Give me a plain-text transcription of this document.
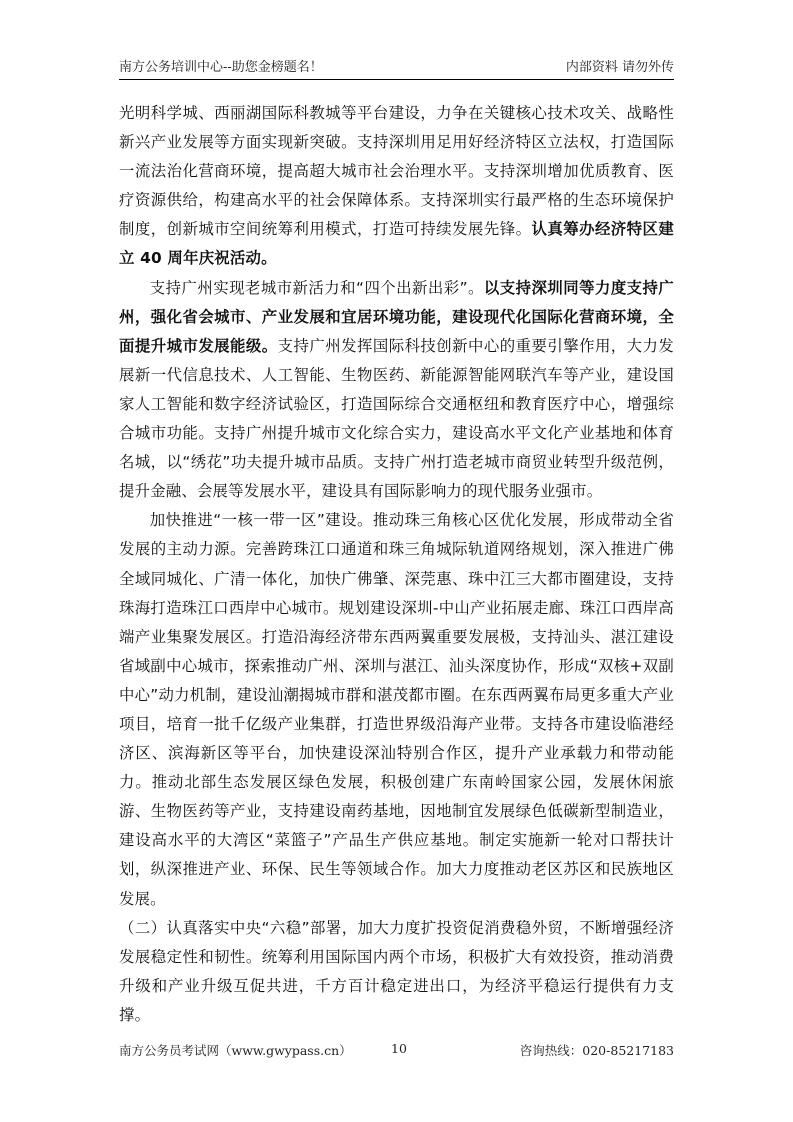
南方公务培训中心--助您金榜题名！	内部资料 请勿外传

光明科学城、西丽湖国际科教城等平台建设，力争在关键核心技术攻关、战略性新兴产业发展等方面实现新突破。支持深圳用足用好经济特区立法权，打造国际一流法治化营商环境，提高超大城市社会治理水平。支持深圳增加优质教育、医疗资源供给，构建高水平的社会保障体系。支持深圳实行最严格的生态环境保护制度，创新城市空间统筹利用模式，打造可持续发展先锋。认真筹办经济特区建立 40 周年庆祝活动。

支持广州实现老城市新活力和“四个出新出彩”。以支持深圳同等力度支持广州，强化省会城市、产业发展和宜居环境功能，建设现代化国际化营商环境，全面提升城市发展能级。支持广州发挥国际科技创新中心的重要引擎作用，大力发展新一代信息技术、人工智能、生物医药、新能源智能网联汽车等产业，建设国家人工智能和数字经济试验区，打造国际综合交通枢纽和教育医疗中心，增强综合城市功能。支持广州提升城市文化综合实力，建设高水平文化产业基地和体育名城，以“绣花”功夫提升城市品质。支持广州打造老城市商贸业转型升级范例，提升金融、会展等发展水平，建设具有国际影响力的现代服务业强市。

加快推进“一核一带一区”建设。推动珠三角核心区优化发展，形成带动全省发展的主动力源。完善跨珠江口通道和珠三角城际轨道网络规划，深入推进广佛全域同城化、广清一体化，加快广佛肇、深莞惠、珠中江三大都市圈建设，支持珠海打造珠江口西岸中心城市。规划建设深圳-中山产业拓展走廊、珠江口西岸高端产业集聚发展区。打造沿海经济带东西两翼重要发展极，支持汕头、湛江建设省域副中心城市，探索推动广州、深圳与湛江、汕头深度协作，形成“双核+双副中心”动力机制，建设汕潮揭城市群和湛茂都市圈。在东西两翼布局更多重大产业项目，培育一批千亿级产业集群，打造世界级沿海产业带。支持各市建设临港经济区、滨海新区等平台，加快建设深汕特别合作区，提升产业承载力和带动能力。推动北部生态发展区绿色发展，积极创建广东南岭国家公园，发展休闲旅游、生物医药等产业，支持建设南药基地，因地制宜发展绿色低碳新型制造业，建设高水平的大湾区“菜篮子”产品生产供应基地。制定实施新一轮对口帮扶计划，纵深推进产业、环保、民生等领域合作。加大力度推动老区苏区和民族地区发展。

（二）认真落实中央“六稳”部署，加大力度扩投资促消费稳外贸，不断增强经济发展稳定性和韧性。统筹利用国际国内两个市场，积极扩大有效投资，推动消费升级和产业升级互促共进，千方百计稳定进出口，为经济平稳运行提供有力支撑。

南方公务员考试网（www.gwypass.cn）	10	咨询热线：020-85217183
